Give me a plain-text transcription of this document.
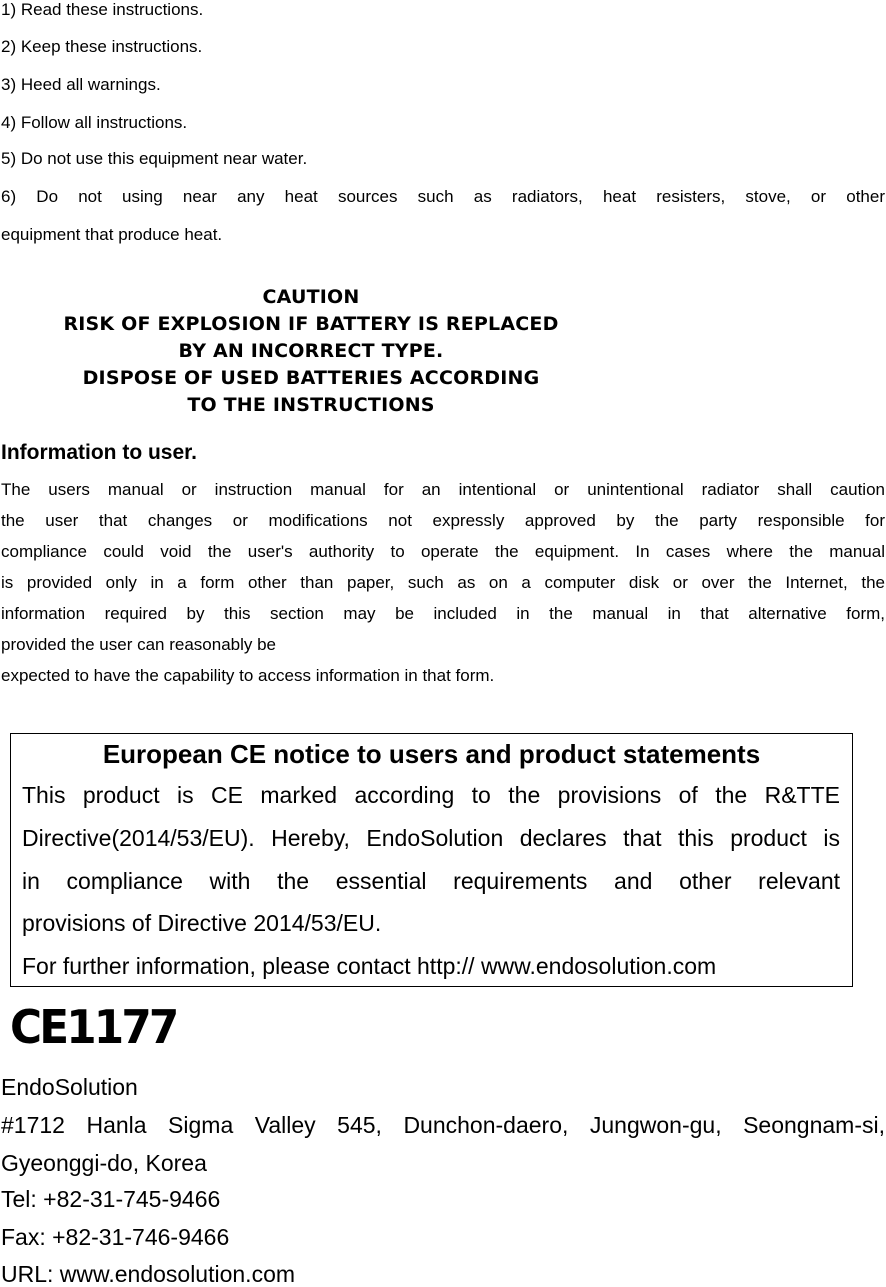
1) Read these instructions.

2) Keep these instructions.

3) Heed all warnings.

4) Follow all instructions.

5) Do not use this equipment near water.

6) Do not using near any heat sources such as radiators, heat resisters, stove, or other

equipment that produce heat.

CAUTION
RISK OF EXPLOSION IF BATTERY IS REPLACED
BY AN INCORRECT TYPE.
DISPOSE OF USED BATTERIES ACCORDING
TO THE INSTRUCTIONS
Information to user.

The users manual or instruction manual for an intentional or unintentional radiator shall caution

the user that changes or modifications not expressly approved by the party responsible for

compliance could void the user's authority to operate the equipment. In cases where the manual

is provided only in a form other than paper, such as on a computer disk or over the Internet, the

information required by this section may be included in the manual in that alternative form,

provided the user can reasonably be

expected to have the capability to access information in that form.

European CE notice to users and product statements

This product is CE marked according to the provisions of the R&TTE

Directive(2014/53/EU). Hereby, EndoSolution declares that this product is

in compliance with the essential requirements and other relevant

provisions of Directive 2014/53/EU.

For further information, please contact http:// www.endosolution.com

CE1177

EndoSolution

#1712 Hanla Sigma Valley 545, Dunchon-daero, Jungwon-gu, Seongnam-si,

Gyeonggi-do, Korea

Tel: +82-31-745-9466

Fax: +82-31-746-9466

URL: www.endosolution.com
